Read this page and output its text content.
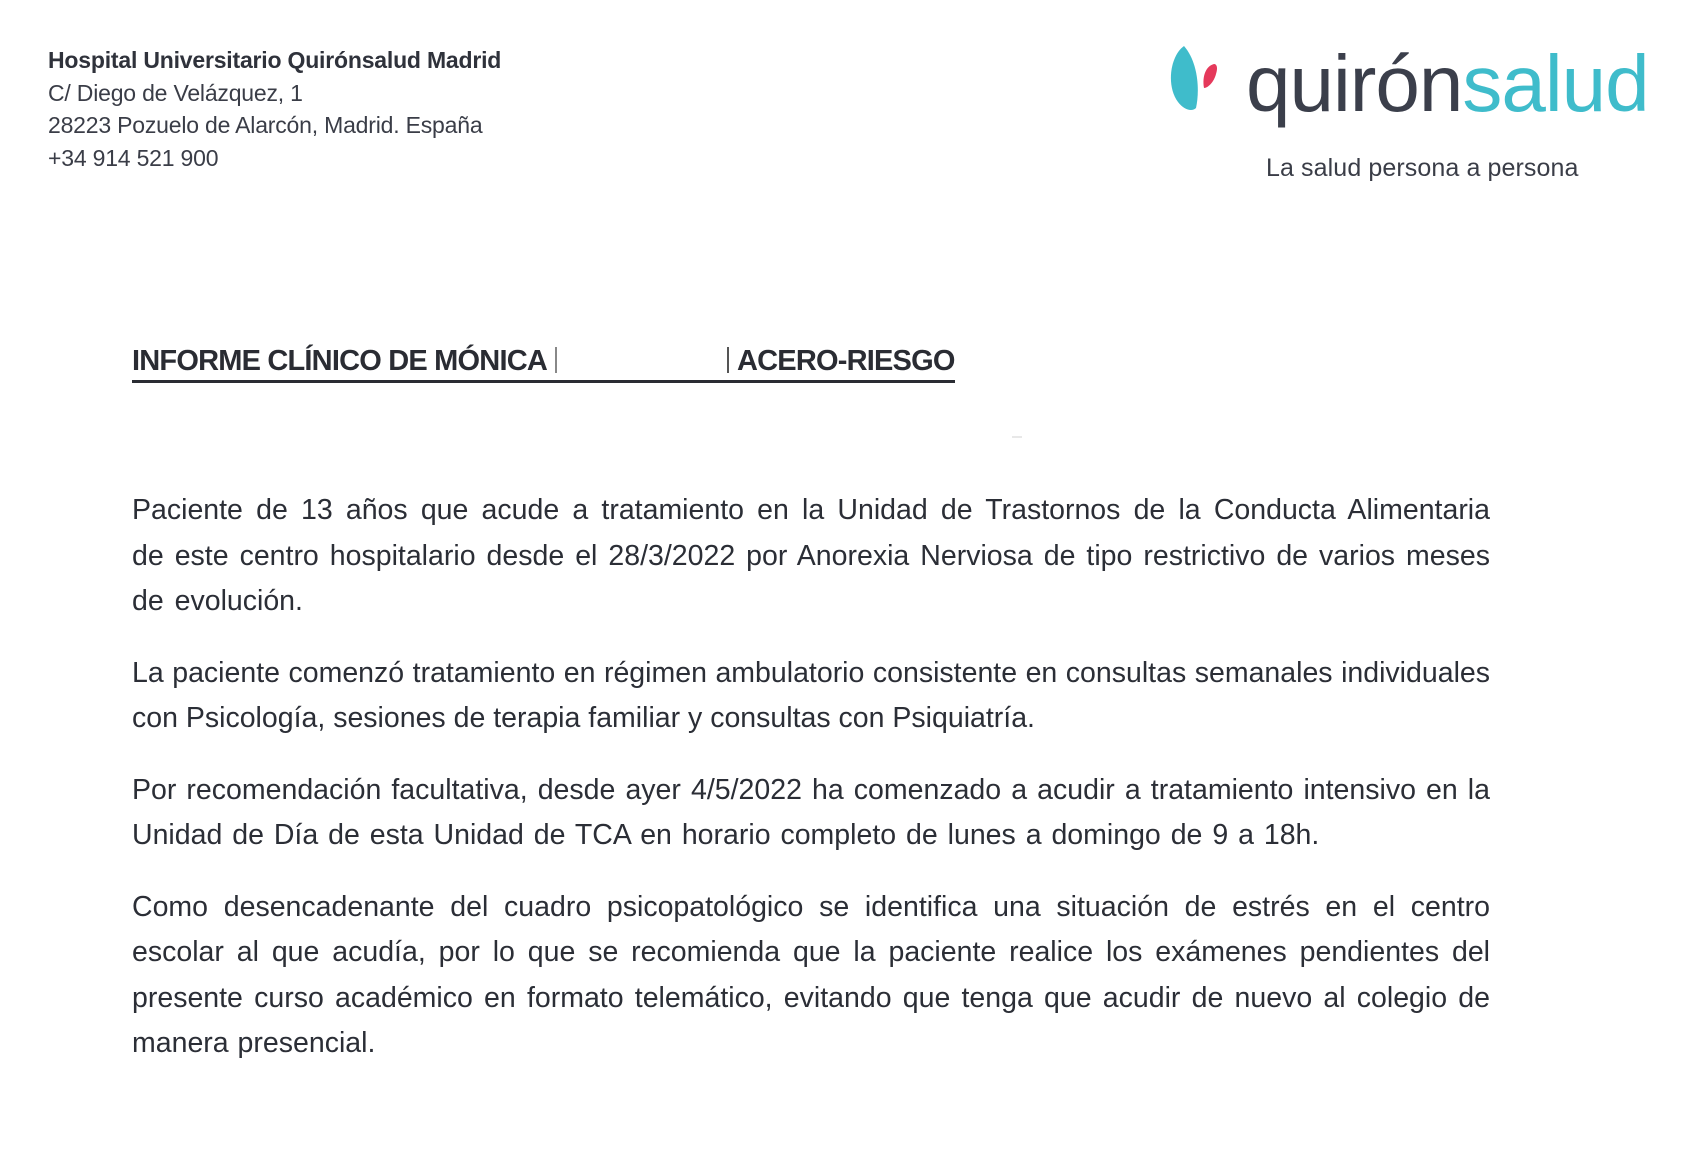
Hospital Universitario Quirónsalud Madrid
C/ Diego de Velázquez, 1
28223 Pozuelo de Alarcón, Madrid. España
+34 914 521 900
quirónsalud
La salud persona a persona
INFORME CLÍNICO DE MÓNICA	ACERO-RIESGO

Paciente de 13 años que acude a tratamiento en la Unidad de Trastornos de la Conducta Alimentaria de este centro hospitalario desde el 28/3/2022 por Anorexia Nerviosa de tipo restrictivo de varios meses de evolución.

La paciente comenzó tratamiento en régimen ambulatorio consistente en consultas semanales individuales con Psicología, sesiones de terapia familiar y consultas con Psiquiatría.

Por recomendación facultativa, desde ayer 4/5/2022 ha comenzado a acudir a tratamiento intensivo en la Unidad de Día de esta Unidad de TCA en horario completo de lunes a domingo de 9 a 18h.

Como desencadenante del cuadro psicopatológico se identifica una situación de estrés en el centro escolar al que acudía, por lo que se recomienda que la paciente realice los exámenes pendientes del presente curso académico en formato telemático, evitando que tenga que acudir de nuevo al colegio de manera presencial.
